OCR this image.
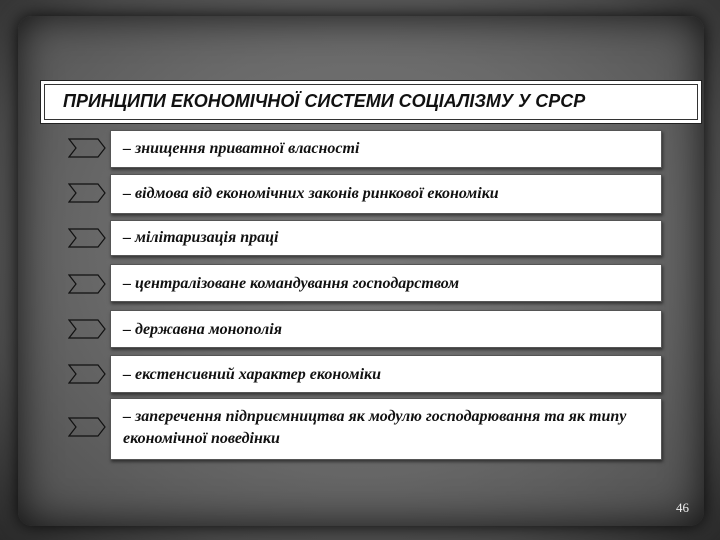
ПРИНЦИПИ ЕКОНОМІЧНОЇ СИСТЕМИ СОЦІАЛІЗМУ У СРСР
– знищення приватної власності
– відмова від економічних законів ринкової економіки
– мілітаризація праці
– централізоване командування господарством
– державна монополія
– екстенсивний характер економіки
– заперечення підприємництва як модулю господарювання та як типу економічної поведінки
46
